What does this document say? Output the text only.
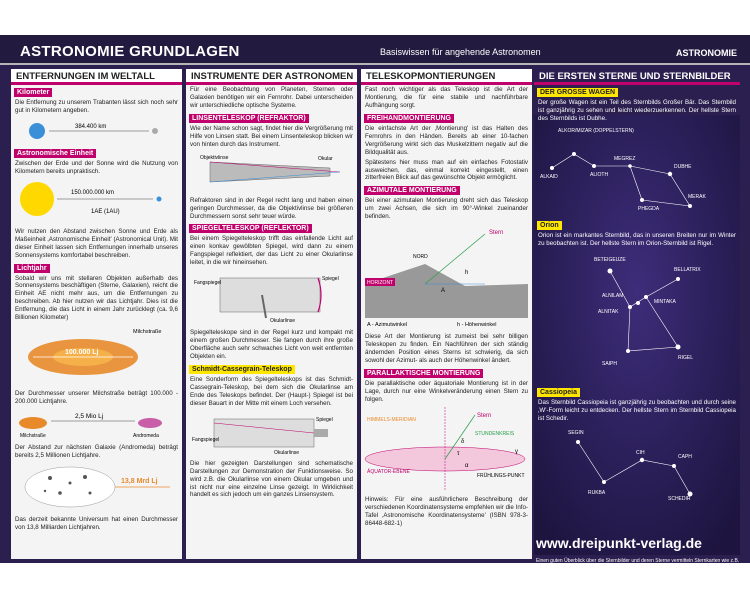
ASTRONOMIE GRUNDLAGEN	Basiswissen für angehende Astronomen	ASTRONOMIE
ENTFERNUNGEN IM WELTALL
Kilometer

Die Entfernung zu unserem Trabanten lässt sich noch sehr gut in Kilometern angeben.

384.400 km
Astronomische Einheit

Zwischen der Erde und der Sonne wird die Nutzung von Kilometern bereits unpraktisch.

150.000.000 km
1AE (1AU)

Wir nutzen den Abstand zwischen Sonne und Erde als Maßeinheit ‚Astronomische Einheit' (Astronomical Unit). Mit dieser Einheit lassen sich Entfernungen innerhalb unseres Sonnensystems komfortabel beschreiben.

Lichtjahr

Sobald wir uns mit stellaren Objekten außerhalb des Sonnensystems beschäftigen (Sterne, Galaxien), reicht die Einheit AE nicht mehr aus, um die Entfernungen zu beschreiben. Ab hier nutzen wir das Lichtjahr. Dies ist die Entfernung, die das Licht in einem Jahr zurücklegt (ca. 9,6 Billionen Kilometer)

Milchstraße
100.000 Lj

Der Durchmesser unserer Milchstraße beträgt 100.000 - 200.000 Lichtjahre.

2,5 Mio Lj
Milchstraße	Andromeda

Der Abstand zur nächsten Galaxie (Andromeda) beträgt bereits 2,5 Millionen Lichtjahre.

13,8 Mrd Lj

Das derzeit bekannte Universum hat einen Durchmesser von 13,8 Milliarden Lichtjahren.

INSTRUMENTE DER ASTRONOMEN

Für eine Beobachtung von Planeten, Sternen oder Galaxien benötigen wir ein Fernrohr. Dabei unterscheiden wir unterschiedliche optische Systeme.

LINSENTELESKOP (REFRAKTOR)

Wie der Name schon sagt, findet hier die Vergrößerung mit Hilfe von Linsen statt. Bei einem Linsenteleskop blicken wir von hinten durch das Instrument.

Objektivlinse	Okular

Refraktoren sind in der Regel recht lang und haben einen geringen Durchmesser, da die Objektivlinse bei größeren Durchmessern sonst sehr teuer würde.

SPIEGELTELESKOP (REFLEKTOR)

Bei einem Spiegelteleskop trifft das einfallende Licht auf einen konkav gewölbten Spiegel, wird dann zu einem Fangspiegel reflektiert, der das Licht zu einer Okularlinse leitet, in die wir hineinsehen.

Fangspiegel
Spiegel
Okularlinse

Spiegelteleskope sind in der Regel kurz und kompakt mit einem großen Durchmesser. Sie fangen durch ihre große Oberfläche auch sehr schwaches Licht von weit entfernten Objekten ein.

Schmidt-Cassegrain-Teleskop

Eine Sonderform des Spiegelteleskops ist das Schmidt-Cassegrain-Teleskop, bei dem sich die Okularlinse am Ende des Teleskops befindet. Der (Haupt-) Spiegel ist bei dieser Bauart in der Mitte mit einem Loch versehen.

Fangspiegel
Spiegel
Okularlinse

Die hier gezeigten Darstellungen sind schematische Darstellungen zur Demonstration der Funktionsweise. So wird z.B. die Okularlinse von einem Okular umgeben und ist nicht nur eine einzelne Linse gezeigt. In Wirklichkeit handelt es sich jedoch um ein ganzes Linsensystem.

TELESKOPMONTIERUNGEN

Fast noch wichtiger als das Teleskop ist die Art der Montierung, die für eine stabile und nachführbare Aufhängung sorgt.

FREIHANDMONTIERUNG

Die einfachste Art der ‚Montierung' ist das Halten des Fernrohrs in den Händen. Bereits ab einer 10-fachen Vergrößerung wirkt sich das Muskelzittern negativ auf die Bildqualität aus.

Spätestens hier muss man auf ein einfaches Fotostativ ausweichen, das, einmal korrekt eingestellt, einen zitterfreien Blick auf das gewünschte Objekt ermöglicht.

AZIMUTALE MONTIERUNG

Bei einer azimutalen Montierung dreht sich das Teleskop um zwei Achsen, die sich im 90°-Winkel zueinander befinden.

HORIZONT
Stern
NORD
A
h
A - Azimutwinkel	h - Höhenwinkel

Diese Art der Montierung ist zumeist bei sehr billigen Teleskopen zu finden. Ein Nachführen der sich ständig ändernden Position eines Sterns ist schwierig, da sich sowohl der Azimut- als auch der Höhenwinkel ändert.

PARALLAKTISCHE MONTIERUNG

Die parallaktische oder äquatoriale Montierung ist in der Lage, durch nur eine Winkelveränderung einen Stern zu folgen.

Stern
HIMMELS-MERIDIAN
STUNDENKREIS
ÄQUATOR-EBENE
FRÜHLINGS-PUNKT
τ
α
δ
γ

Hinweis: Für eine ausführlichere Beschreibung der verschiedenen Koordinatensysteme empfehlen wir die Info-Tafel ‚Astronomische Koordinatensysteme' (ISBN 978-3-86448-682-1)

DIE ERSTEN STERNE UND STERNBILDER
DER GROSSE WAGEN

Der große Wagen ist ein Teil des Sternbilds Großer Bär. Das Sternbild ist ganzjährig zu sehen und leicht wiederzuerkennen. Der hellste Stern des Sternbilds ist Dubhe.

ALKOR/MIZAR (DOPPELSTERN)
DUBHE
MEGREZ
ALIOTH
ALKAID
MERAK
PHEGDA
Orion

Orion ist ein markantes Sternbild, das in unseren Breiten nur im Winter zu beobachten ist. Der hellste Stern im Orion-Sternbild ist Rigel.

BETEIGEUZE
BELLATRIX
ALNILAM
MINTAKA
ALNITAK
RIGEL
SAIPH
Cassiopeia

Das Sternbild Cassiopeia ist ganzjährig zu beobachten und durch seine ‚W'-Form leicht zu entdecken. Der hellste Stern im Sternbild Cassiopeia ist Schedir.

SEGIN
CAPH
CIH
RUKBA
SCHEDIR
www.dreipunkt-verlag.de
Einen guten Überblick über die Sternbilder und deren Sterne vermitteln Sternkarten wie z.B. die ‚Sternkarte des Nordhimmels' im Format DIN A0 (ISBN 978-3-86448-683-8 )
